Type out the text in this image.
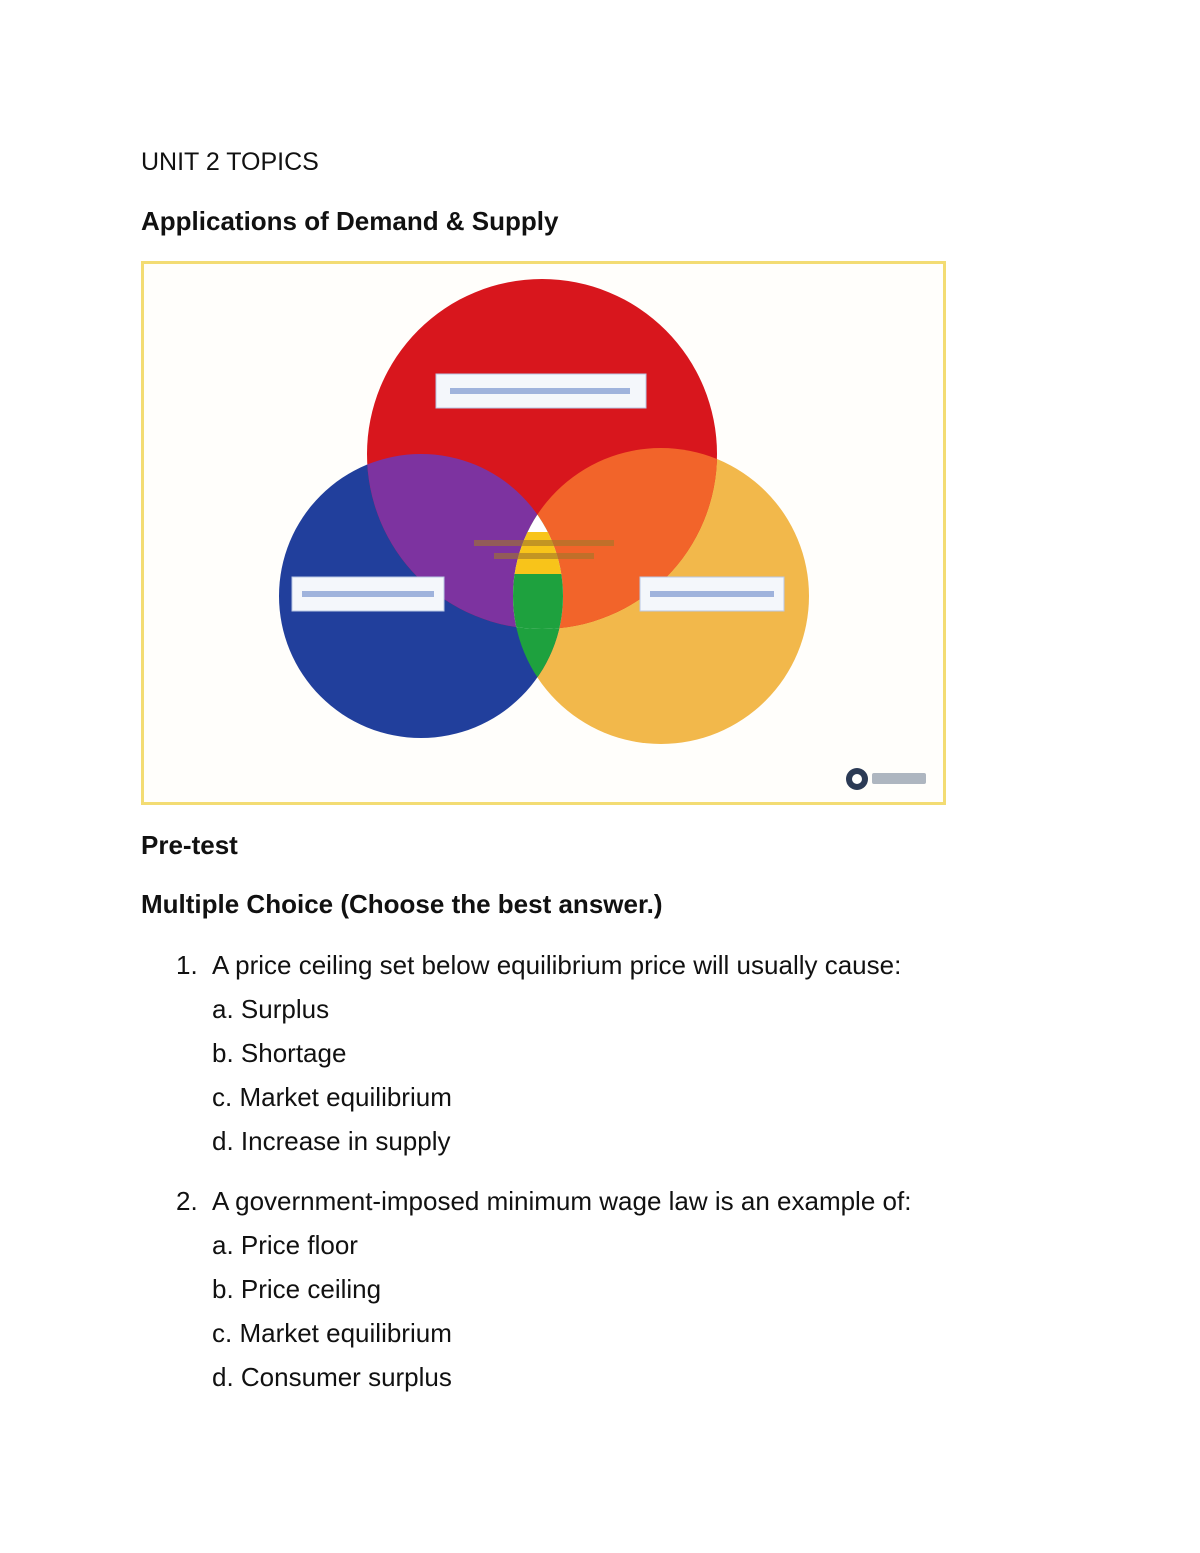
UNIT 2 TOPICS
Applications of Demand & Supply
Pre-test
Multiple Choice (Choose the best answer.)
1. A price ceiling set below equilibrium price will usually cause:
a. Surplus
b. Shortage
c. Market equilibrium
d. Increase in supply
2. A government-imposed minimum wage law is an example of:
a. Price floor
b. Price ceiling
c. Market equilibrium
d. Consumer surplus
